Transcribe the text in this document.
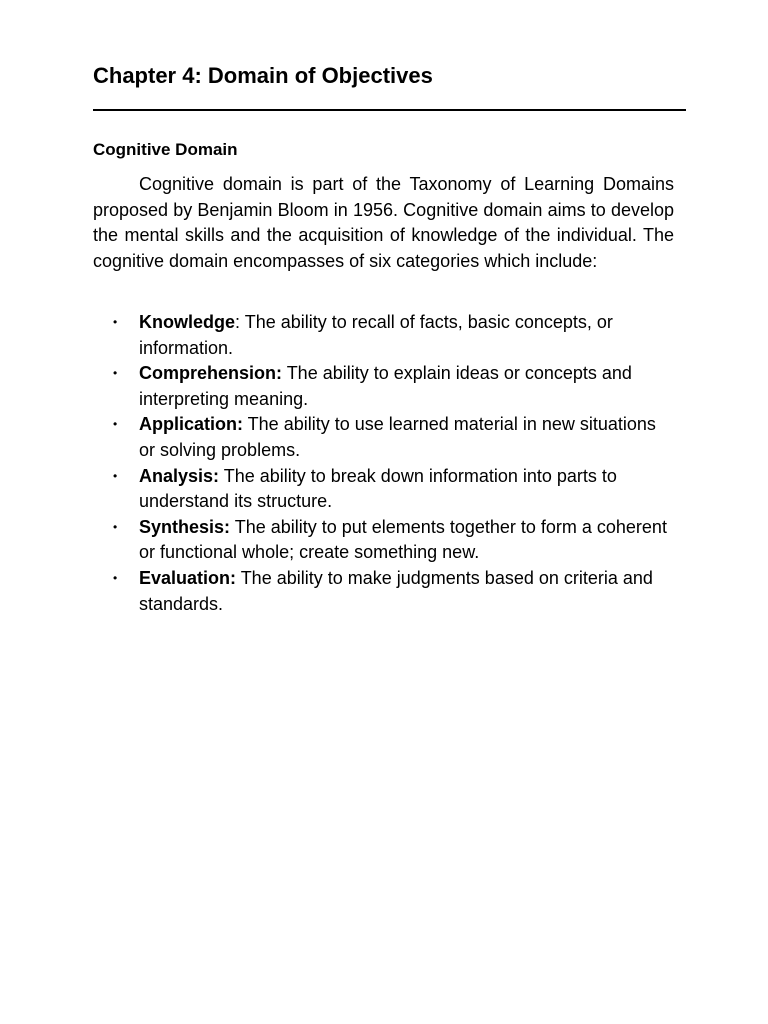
Chapter 4: Domain of Objectives
Cognitive Domain

Cognitive domain is part of the Taxonomy of Learning Domains proposed by Benjamin Bloom in 1956. Cognitive domain aims to develop the mental skills and the acquisition of knowledge of the individual. The cognitive domain encompasses of six categories which include:

• Knowledge: The ability to recall of facts, basic concepts, or information.
• Comprehension: The ability to explain ideas or concepts and interpreting meaning.
• Application: The ability to use learned material in new situations or solving problems.
• Analysis: The ability to break down information into parts to understand its structure.
• Synthesis: The ability to put elements together to form a coherent or functional whole; create something new.
• Evaluation: The ability to make judgments based on criteria and standards.
